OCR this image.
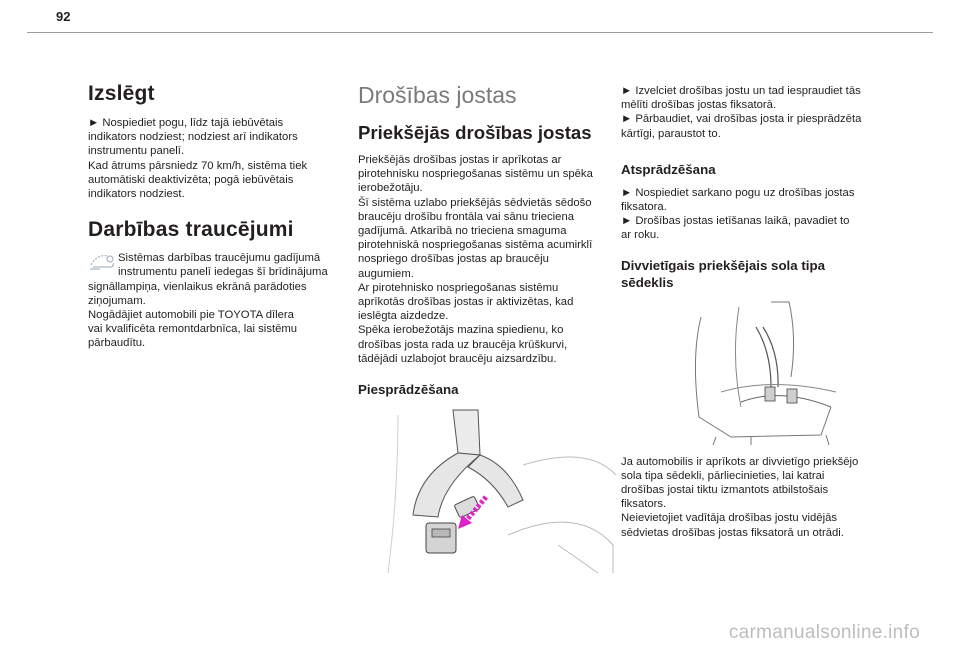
92
Izslēgt

► Nospiediet pogu, līdz tajā iebūvētais
indikators nodziest; nodziest arī indikators
instrumentu panelī.
Kad ātrums pārsniedz 70 km/h, sistēma tiek
automātiski deaktivizēta; pogā iebūvētais
indikators nodziest.

Darbības traucējumi

Sistēmas darbības traucējumu gadījumā

instrumentu panelī iedegas šī brīdinājuma

signāllampiņa, vienlaikus ekrānā parādoties
ziņojumam.
Nogādājiet automobili pie TOYOTA dīlera
vai kvalificēta remontdarbnīca, lai sistēmu
pārbaudītu.

Drošības jostas
Priekšējās drošības jostas

Priekšējās drošības jostas ir aprīkotas ar
pirotehnisku nospriegošanas sistēmu un spēka
ierobežotāju.
Šī sistēma uzlabo priekšējās sēdvietās sēdošo
braucēju drošību frontāla vai sānu trieciena
gadījumā. Atkarībā no trieciena smaguma
pirotehniskā nospriegošanas sistēma acumirklī
nospriego drošības jostas ap braucēju
augumiem.
Ar pirotehnisko nospriegošanas sistēmu
aprīkotās drošības jostas ir aktivizētas, kad
ieslēgta aizdedze.
Spēka ierobežotājs mazina spiedienu, ko
drošības josta rada uz braucēja krūškurvi,
tādējādi uzlabojot braucēju aizsardzību.

Piesprādzēšana

► Izvelciet drošības jostu un tad iespraudiet tās
mēlīti drošības jostas fiksatorā.
► Pārbaudiet, vai drošības josta ir piesprādzēta
kārtīgi, paraustot to.

Atsprādzēšana

► Nospiediet sarkano pogu uz drošības jostas
fiksatora.
► Drošības jostas ietīšanas laikā, pavadiet to
ar roku.

Divvietīgais priekšējais sola tipa
sēdeklis

Ja automobilis ir aprīkots ar divvietīgo priekšējo
sola tipa sēdekli, pārliecinieties, lai katrai
drošības jostai tiktu izmantots atbilstošais
fiksators.
Neievietojiet vadītāja drošības jostu vidējās
sēdvietas drošības jostas fiksatorā un otrādi.

carmanualsonline.info
